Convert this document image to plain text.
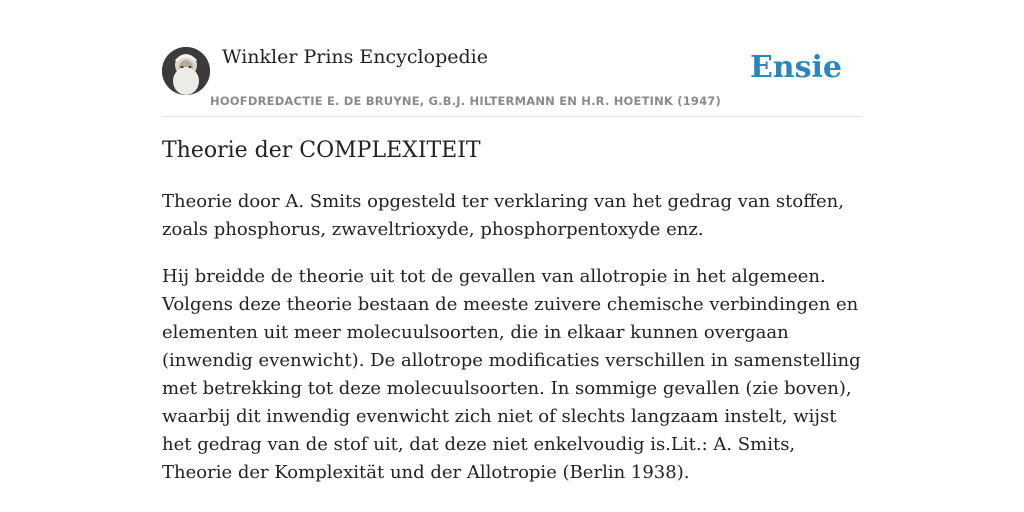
Winkler Prins Encyclopedie
HOOFDREDACTIE E. DE BRUYNE, G.B.J. HILTERMANN EN H.R. HOETINK (1947)
Ensie
Theorie der COMPLEXITEIT

Theorie door A. Smits opgesteld ter verklaring van het gedrag van stoffen, zoals phosphorus, zwaveltrioxyde, phosphorpentoxyde enz.

Hij breidde de theorie uit tot de gevallen van allotropie in het algemeen. Volgens deze theorie bestaan de meeste zuivere chemische verbindingen en elementen uit meer molecuulsoorten, die in elkaar kunnen overgaan (inwendig evenwicht). De allotrope modificaties verschillen in samenstelling met betrekking tot deze molecuulsoorten. In sommige gevallen (zie boven), waarbij dit inwendig evenwicht zich niet of slechts langzaam instelt, wijst het gedrag van de stof uit, dat deze niet enkelvoudig is.Lit.: A. Smits, Theorie der Komplexität und der Allotropie (Berlin 1938).
